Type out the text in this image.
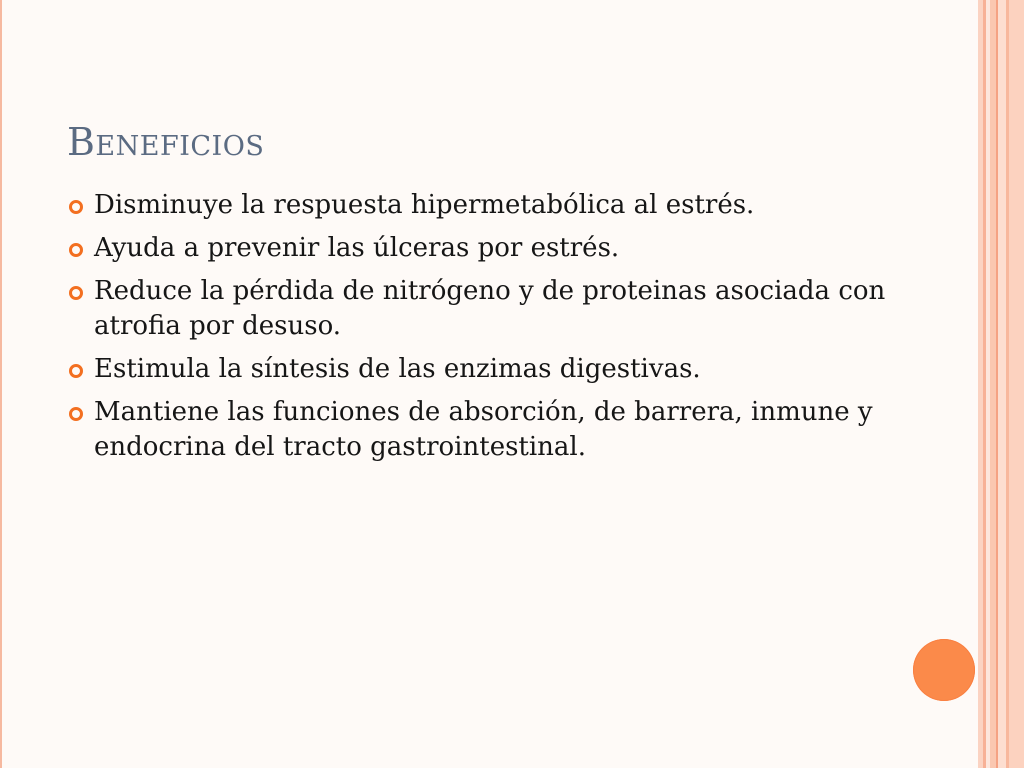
Beneficios
Disminuye la respuesta hipermetabólica al estrés.
Ayuda a prevenir las úlceras por estrés.
Reduce la pérdida de nitrógeno y de proteinas asociada con atrofia por desuso.
Estimula la síntesis de las enzimas digestivas.
Mantiene las funciones de absorción, de barrera, inmune y endocrina del tracto gastrointestinal.
